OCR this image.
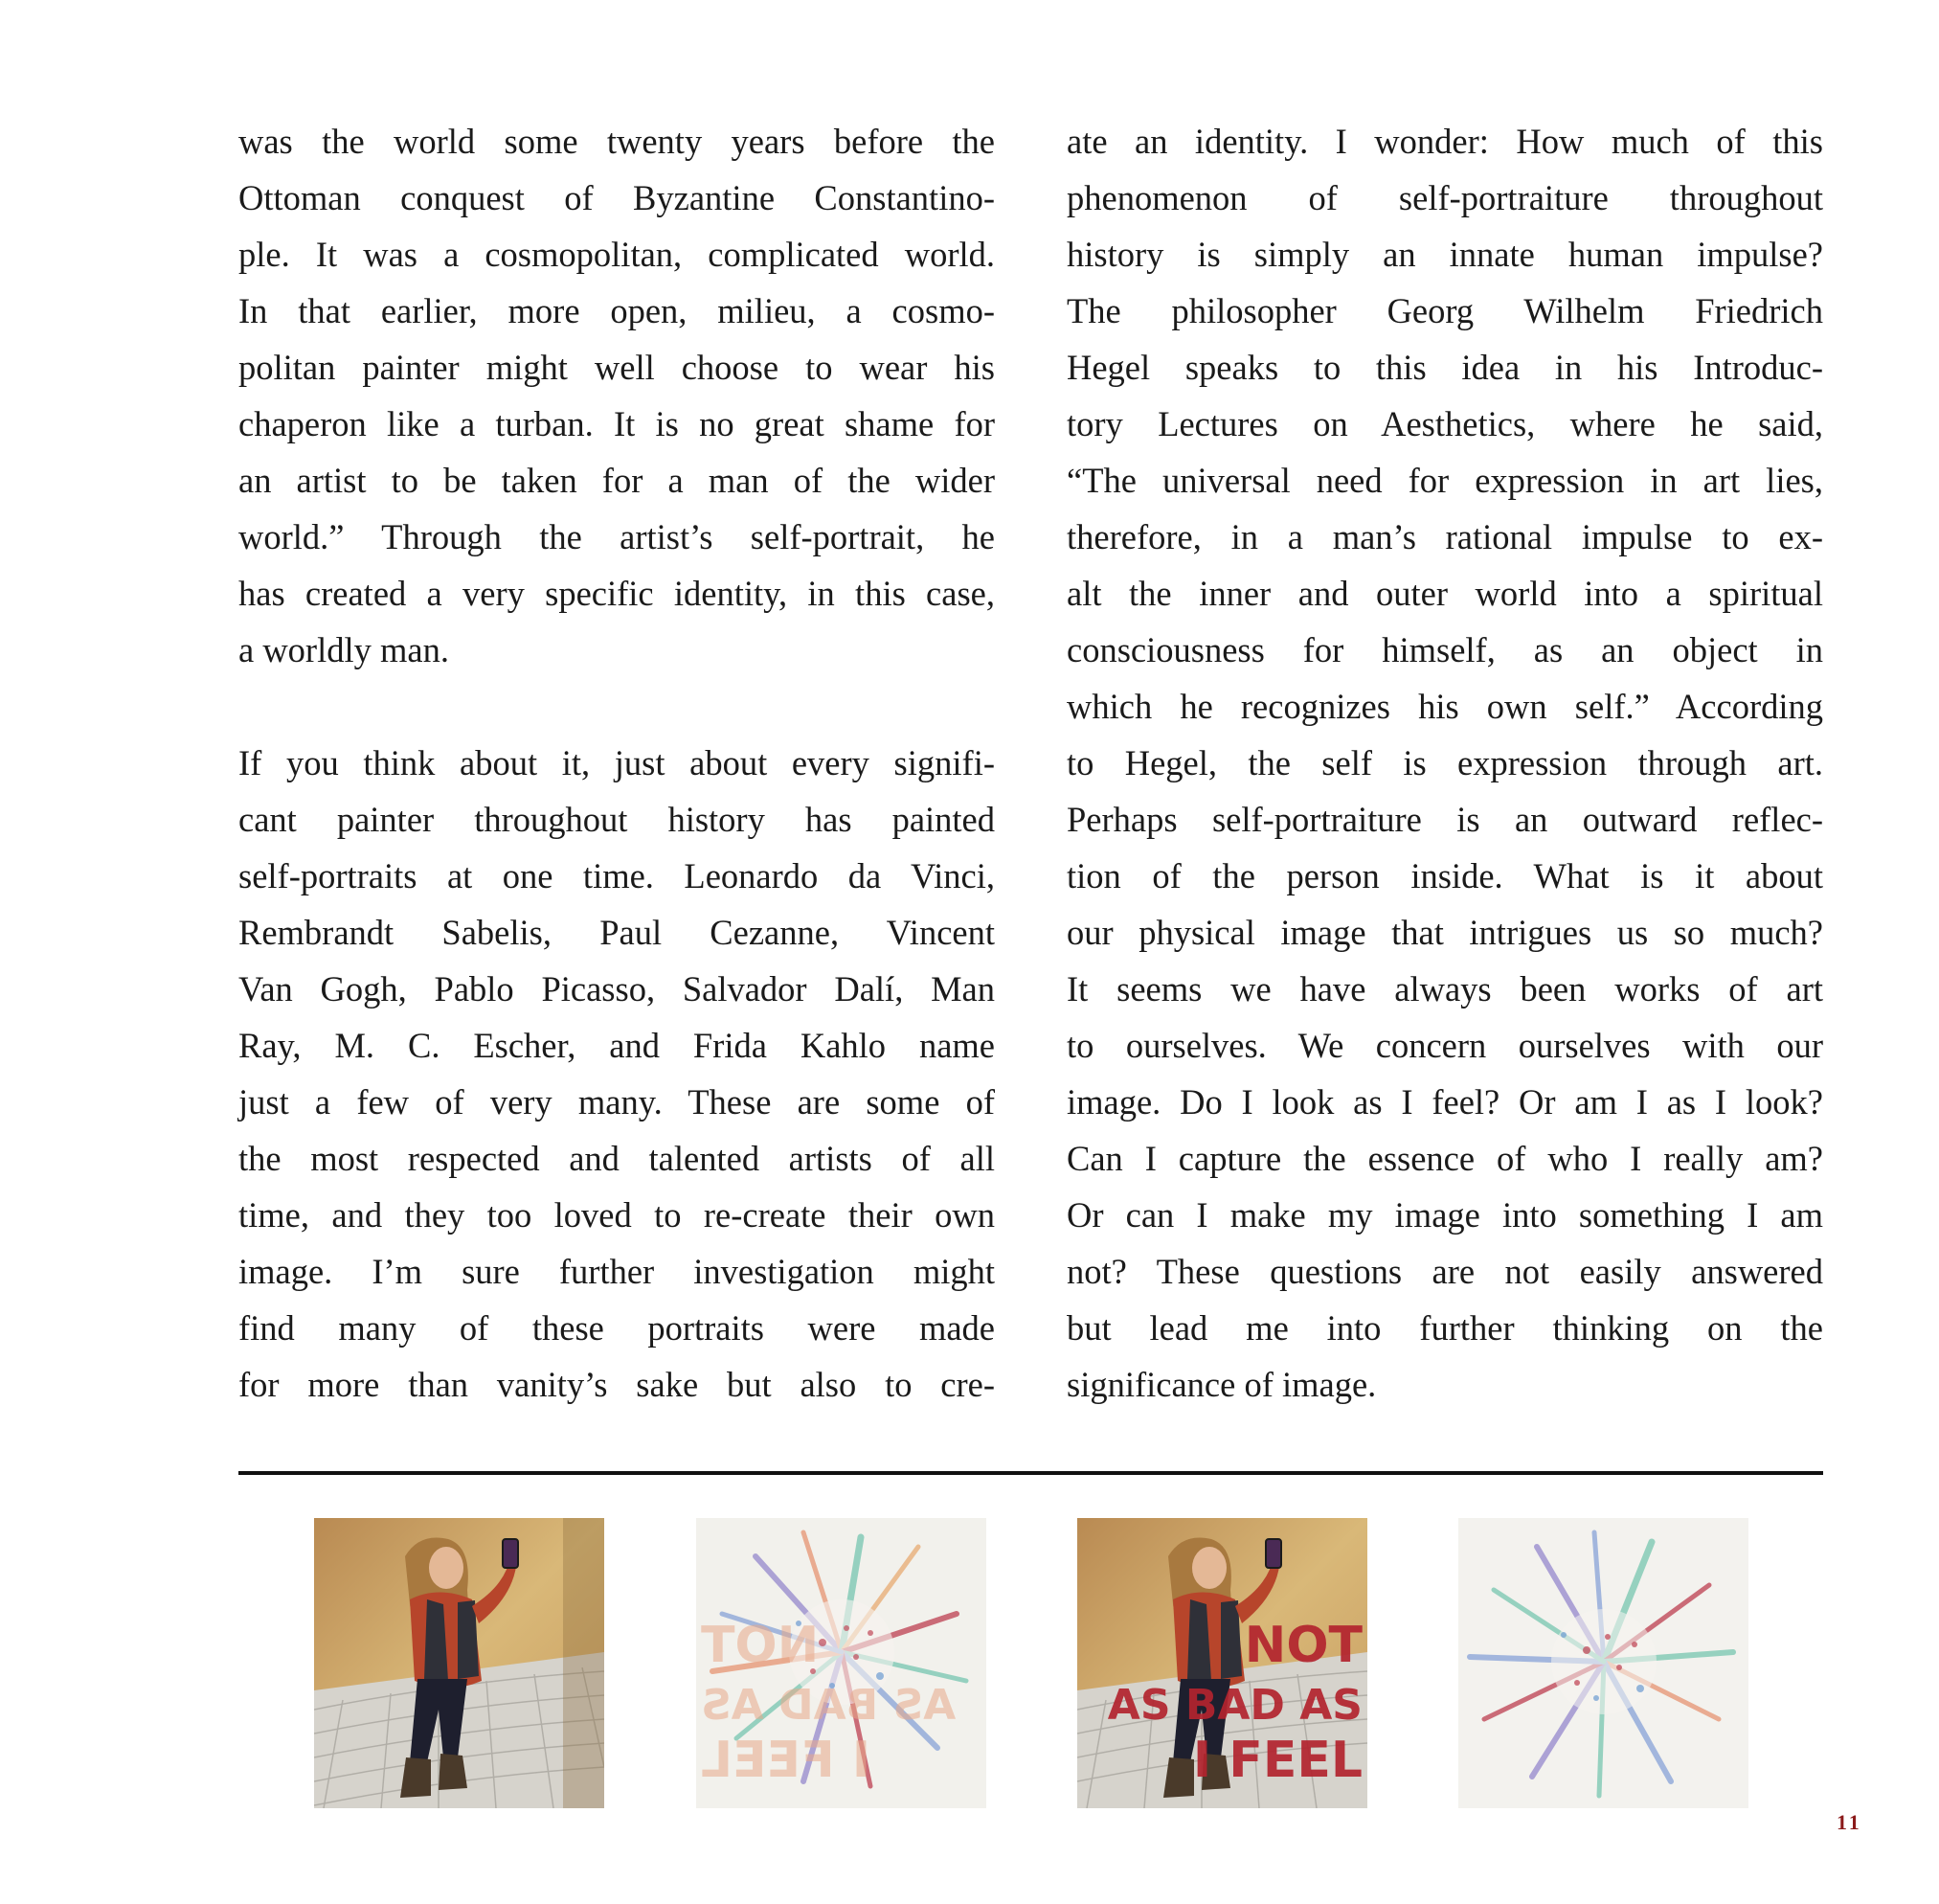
was the world some twenty years before the
Ottoman conquest of Byzantine Constantino-
ple. It was a cosmopolitan, complicated world.
In that earlier, more open, milieu, a cosmo-
politan painter might well choose to wear his
chaperon like a turban. It is no great shame for
an artist to be taken for a man of the wider
world.” Through the artist’s self-portrait, he
has created a very specific identity, in this case,
a worldly man.
If you think about it, just about every signifi-
cant painter throughout history has painted
self-portraits at one time. Leonardo da Vinci,
Rembrandt Sabelis, Paul Cezanne, Vincent
Van Gogh, Pablo Picasso, Salvador Dalí, Man
Ray, M. C. Escher, and Frida Kahlo name
just a few of very many. These are some of
the most respected and talented artists of all
time, and they too loved to re-create their own
image. I’m sure further investigation might
find many of these portraits were made
for more than vanity’s sake but also to cre-
ate an identity. I wonder: How much of this
phenomenon of self-portraiture throughout
history is simply an innate human impulse?
The philosopher Georg Wilhelm Friedrich
Hegel speaks to this idea in his Introduc-
tory Lectures on Aesthetics, where he said,
“The universal need for expression in art lies,
therefore, in a man’s rational impulse to ex-
alt the inner and outer world into a spiritual
consciousness for himself, as an object in
which he recognizes his own self.” According
to Hegel, the self is expression through art.
Perhaps self-portraiture is an outward reflec-
tion of the person inside. What is it about
our physical image that intrigues us so much?
It seems we have always been works of art
to ourselves. We concern ourselves with our
image. Do I look as I feel? Or am I as I look?
Can I capture the essence of who I really am?
Or can I make my image into something I am
not? These questions are not easily answered
but lead me into further thinking on the
significance of image.
NOT
AS BAD AS
I FEEL
NOT
AS BAD AS
I FEEL
11
